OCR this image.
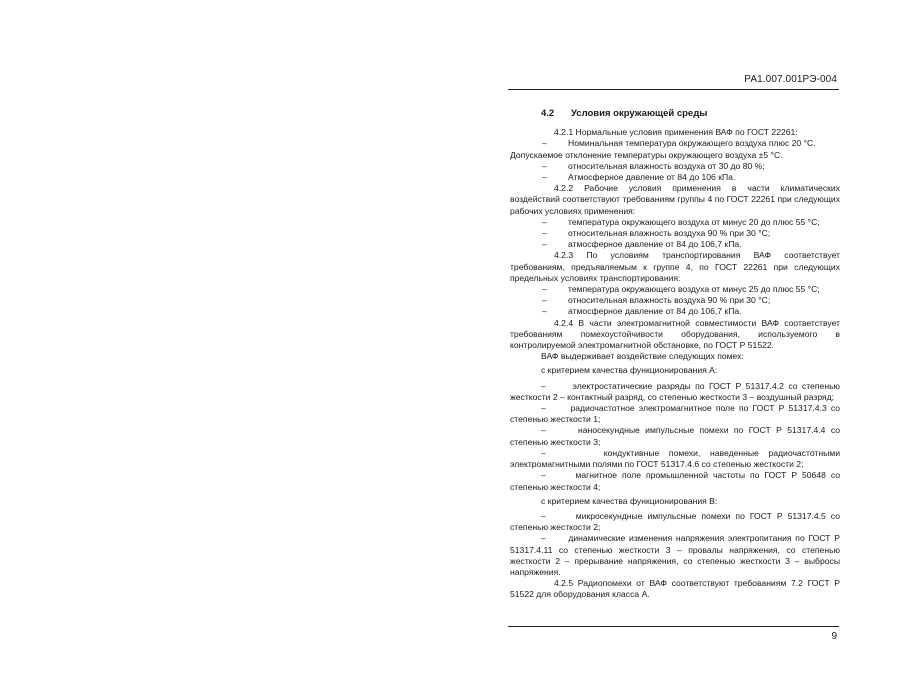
РА1.007.001РЭ-004
4.2 Условия окружающей среды

4.2.1 Нормальные условия применения ВАФ по ГОСТ 22261:

– Номинальная температура окружающего воздуха плюс 20 °С.

Допускаемое отклонение температуры окружающего воздуха ±5 °С.

– относительная влажность воздуха от 30 до 80 %;

– Атмосферное давление от 84 до 106 кПа.

4.2.2 Рабочие условия применения в части климатических воздействий соответствуют требованиям группы 4 по ГОСТ 22261 при следующих рабочих условиях применения:

– температура окружающего воздуха от минус 20 до плюс 55 °С;

– относительная влажность воздуха 90 % при 30 °С;

– атмосферное давление от 84 до 106,7 кПа.

4.2.3 По условиям транспортирования ВАФ соответствует требованиям, предъявляемым к группе 4, по ГОСТ 22261 при следующих предельных условиях транспортирования:

– температура окружающего воздуха от минус 25 до плюс 55 °С;

– относительная влажность воздуха 90 % при 30 °С;

– атмосферное давление от 84 до 106,7 кПа.

4.2.4 В части электромагнитной совместимости ВАФ соответствует требованиям помехоустойчивости оборудования, используемого в контролируемой электромагнитной обстановке, по ГОСТ Р 51522.

ВАФ выдерживает воздействие следующих помех:

с критерием качества функционирования А:

–	электростатические разряды по ГОСТ Р 51317.4.2 со степенью жесткости 2 – контактный разряд, со степенью жесткости 3 – воздушный разряд;

–	радиочастотное электромагнитное поле по ГОСТ Р 51317.4.3 со степенью жесткости 1;

–	наносекундные импульсные помехи по ГОСТ Р 51317.4.4 со степенью жесткости 3;

–	кондуктивные помехи, наведенные радиочастотными электромагнитными полями по ГОСТ 51317.4.6 со степенью жесткости 2;

–	магнитное поле промышленной частоты по ГОСТ Р 50648 со степенью жесткости 4;

с критерием качества функционирования В:

–	микросекундные импульсные помехи по ГОСТ Р 51317.4.5 со степенью жесткости 2;

–	динамические изменения напряжения электропитания по ГОСТ Р 51317.4.11 со степенью жесткости 3 – провалы напряжения, со степенью жесткости 2 – прерывание напряжения, со степенью жесткости 3 – выбросы напряжения.

4.2.5 Радиопомехи от ВАФ соответствуют требованиям 7.2 ГОСТ Р 51522 для оборудования класса А.

9
